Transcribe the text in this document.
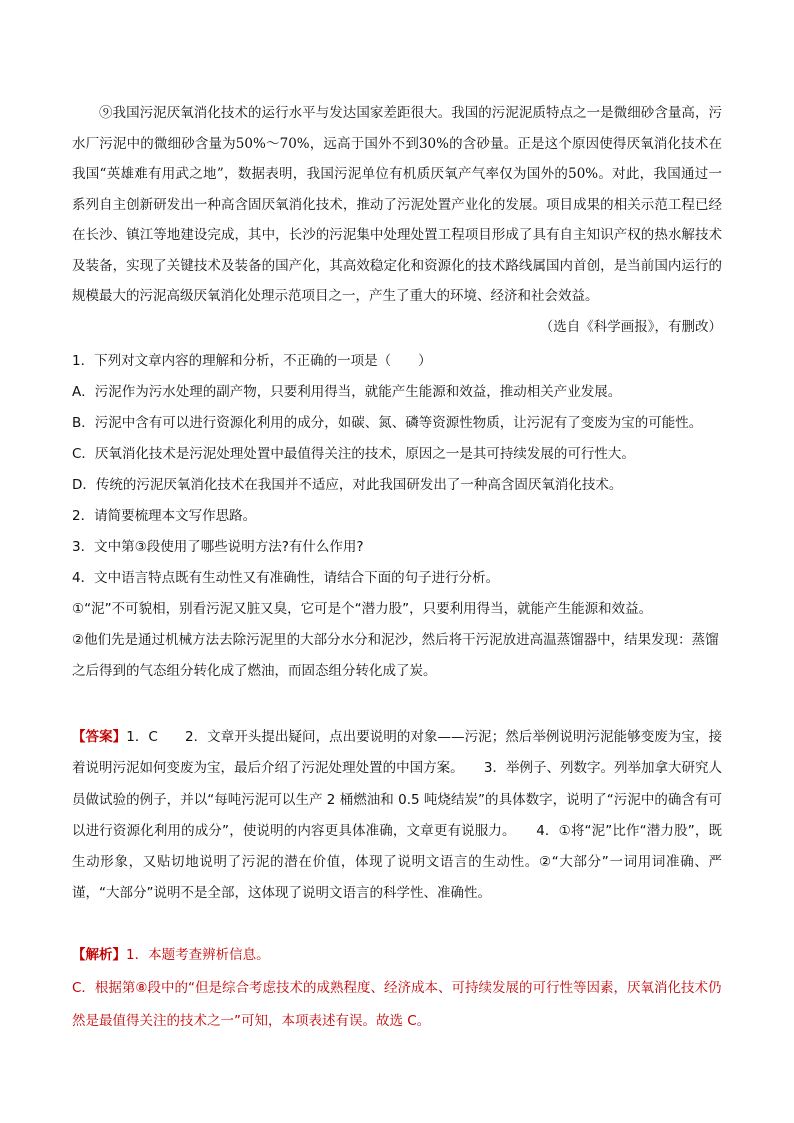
⑨我国污泥厌氧消化技术的运行水平与发达国家差距很大。我国的污泥泥质特点之一是微细砂含量高，污水厂污泥中的微细砂含量为50%～70%，远高于国外不到30%的含砂量。正是这个原因使得厌氧消化技术在我国“英雄难有用武之地”，数据表明，我国污泥单位有机质厌氧产气率仅为国外的50%。对此，我国通过一系列自主创新研发出一种高含固厌氧消化技术，推动了污泥处置产业化的发展。项目成果的相关示范工程已经在长沙、镇江等地建设完成，其中，长沙的污泥集中处理处置工程项目形成了具有自主知识产权的热水解技术及装备，实现了关键技术及装备的国产化，其高效稳定化和资源化的技术路线属国内首创，是当前国内运行的规模最大的污泥高级厌氧消化处理示范项目之一，产生了重大的环境、经济和社会效益。

（选自《科学画报》，有删改）
1．下列对文章内容的理解和分析，不正确的一项是（　　）
A．污泥作为污水处理的副产物，只要利用得当，就能产生能源和效益，推动相关产业发展。
B．污泥中含有可以进行资源化利用的成分，如碳、氮、磷等资源性物质，让污泥有了变废为宝的可能性。
C．厌氧消化技术是污泥处理处置中最值得关注的技术，原因之一是其可持续发展的可行性大。
D．传统的污泥厌氧消化技术在我国并不适应，对此我国研发出了一种高含固厌氧消化技术。
2．请简要梳理本文写作思路。
3．文中第③段使用了哪些说明方法?有什么作用?
4．文中语言特点既有生动性又有准确性，请结合下面的句子进行分析。
①“泥”不可貌相，别看污泥又脏又臭，它可是个“潜力股”，只要利用得当，就能产生能源和效益。
②他们先是通过机械方法去除污泥里的大部分水分和泥沙，然后将干污泥放进高温蒸馏器中，结果发现：蒸馏之后得到的气态组分转化成了燃油，而固态组分转化成了炭。
【答案】1．C　　2．文章开头提出疑问，点出要说明的对象——污泥；然后举例说明污泥能够变废为宝，接着说明污泥如何变废为宝，最后介绍了污泥处理处置的中国方案。　　3．举例子、列数字。列举加拿大研究人员做试验的例子，并以“每吨污泥可以生产 2 桶燃油和 0.5 吨烧结炭”的具体数字，说明了“污泥中的确含有可以进行资源化利用的成分”，使说明的内容更具体准确，文章更有说服力。　　4．①将“泥”比作“潜力股”，既生动形象，又贴切地说明了污泥的潜在价值，体现了说明文语言的生动性。②“大部分”一词用词准确、严谨，“大部分”说明不是全部，这体现了说明文语言的科学性、准确性。
【解析】1．本题考查辨析信息。
C．根据第⑧段中的“但是综合考虑技术的成熟程度、经济成本、可持续发展的可行性等因素，厌氧消化技术仍然是最值得关注的技术之一”可知，本项表述有误。故选 C。
